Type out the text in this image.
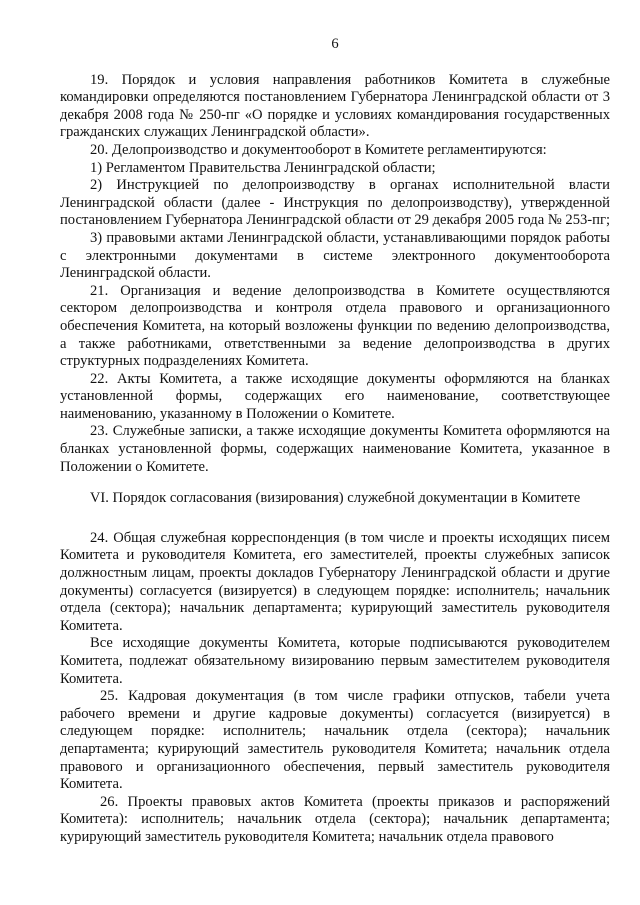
6

19. Порядок и условия направления работников Комитета в служебные командировки определяются постановлением Губернатора Ленинградской области от 3 декабря 2008 года № 250-пг «О порядке и условиях командирования государственных гражданских служащих Ленинградской области».

20. Делопроизводство и документооборот в Комитете регламентируются:

1) Регламентом Правительства Ленинградской области;

2) Инструкцией по делопроизводству в органах исполнительной власти Ленинградской области (далее - Инструкция по делопроизводству), утвержденной постановлением Губернатора Ленинградской области от 29 декабря 2005 года № 253-пг;

3) правовыми актами Ленинградской области, устанавливающими порядок работы с электронными документами в системе электронного документооборота Ленинградской области.

21. Организация и ведение делопроизводства в Комитете осуществляются сектором делопроизводства и контроля отдела правового и организационного обеспечения Комитета, на который возложены функции по ведению делопроизводства, а также работниками, ответственными за ведение делопроизводства в других структурных подразделениях Комитета.

22. Акты Комитета, а также исходящие документы оформляются на бланках установленной формы, содержащих его наименование, соответствующее наименованию, указанному в Положении о Комитете.

23. Служебные записки, а также исходящие документы Комитета оформляются на бланках установленной формы, содержащих наименование Комитета, указанное в Положении о Комитете.

VI. Порядок согласования (визирования) служебной документации в Комитете

24. Общая служебная корреспонденция (в том числе и проекты исходящих писем Комитета и руководителя Комитета, его заместителей, проекты служебных записок должностным лицам, проекты докладов Губернатору Ленинградской области и другие документы) согласуется (визируется) в следующем порядке: исполнитель; начальник отдела (сектора); начальник департамента; курирующий заместитель руководителя Комитета.

Все исходящие документы Комитета, которые подписываются руководителем Комитета, подлежат обязательному визированию первым заместителем руководителя Комитета.

25. Кадровая документация (в том числе графики отпусков, табели учета рабочего времени и другие кадровые документы) согласуется (визируется) в следующем порядке: исполнитель; начальник отдела (сектора); начальник департамента; курирующий заместитель руководителя Комитета; начальник отдела правового и организационного обеспечения, первый заместитель руководителя Комитета.

26. Проекты правовых актов Комитета (проекты приказов и распоряжений Комитета): исполнитель; начальник отдела (сектора); начальник департамента; курирующий заместитель руководителя Комитета; начальник отдела правового
